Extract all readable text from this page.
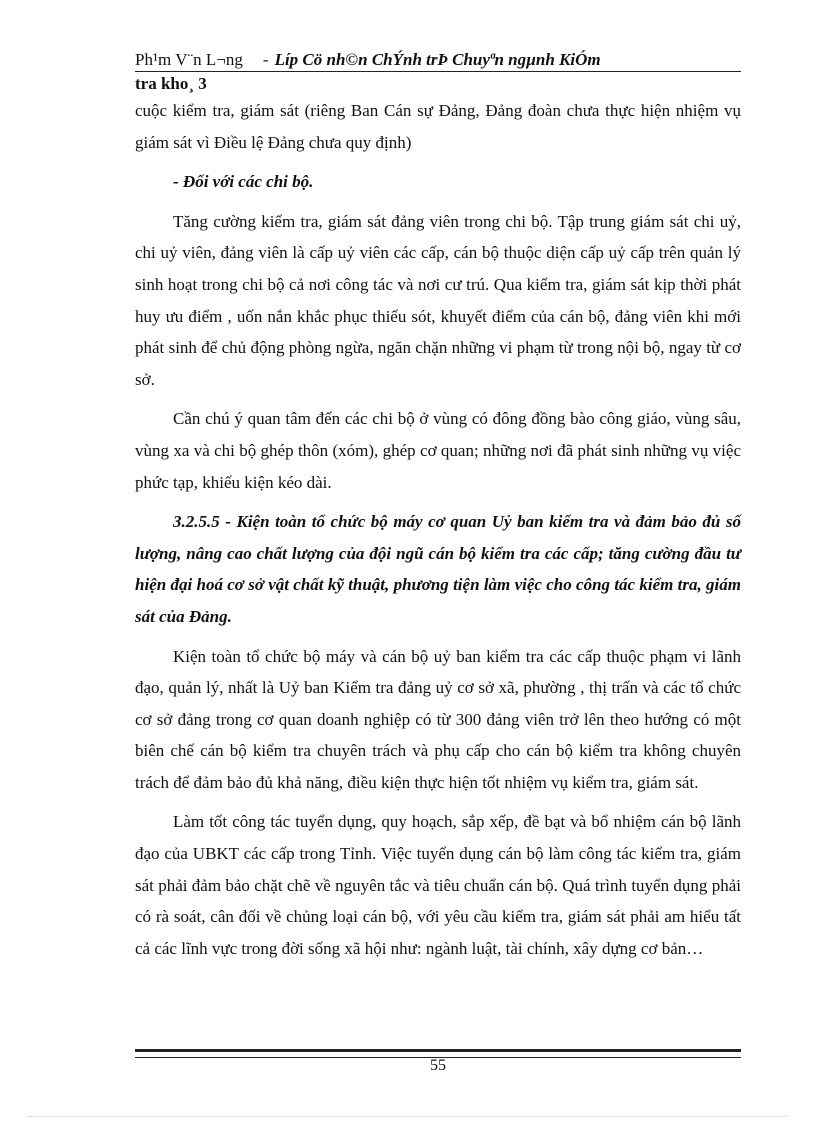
Ph¹m V¨n L¬ng - Líp Cö nh©n ChÝnh trÞ Chuyªn ngµnh KiÓm
tra kho¸ 3

cuộc kiểm tra, giám sát (riêng Ban Cán sự Đảng, Đảng đoàn chưa thực hiện nhiệm vụ giám sát vì Điều lệ Đảng chưa quy định)

- Đối với các chi bộ.

Tăng cường kiểm tra, giám sát đảng viên trong chi bộ. Tập trung giám sát chi uỷ, chi uỷ viên, đảng viên là cấp uỷ viên các cấp, cán bộ thuộc diện cấp uỷ cấp trên quản lý sinh hoạt trong chi bộ cả nơi công tác và nơi cư trú. Qua kiểm tra, giám sát kịp thời phát huy ưu điểm , uốn nắn khắc phục thiếu sót, khuyết điểm của cán bộ, đảng viên khi mới phát sinh để chủ động phòng ngừa, ngăn chặn những vi phạm từ trong nội bộ, ngay từ cơ sở.

Cần chú ý quan tâm đến các chi bộ ở vùng có đông đồng bào công giáo, vùng sâu, vùng xa và chi bộ ghép thôn (xóm), ghép cơ quan; những nơi đã phát sinh những vụ việc phức tạp, khiếu kiện kéo dài.

3.2.5.5 - Kiện toàn tổ chức bộ máy cơ quan Uỷ ban kiểm tra và đảm bảo đủ số lượng, nâng cao chất lượng của đội ngũ cán bộ kiểm tra các cấp; tăng cường đầu tư hiện đại hoá cơ sở vật chất kỹ thuật, phương tiện làm việc cho công tác kiểm tra, giám sát của Đảng.

Kiện toàn tổ chức bộ máy và cán bộ uỷ ban kiểm tra các cấp thuộc phạm vi lãnh đạo, quản lý, nhất là Uỷ ban Kiểm tra đảng uỷ cơ sở xã, phường , thị trấn và các tổ chức cơ sở đảng trong cơ quan doanh nghiệp có từ 300 đảng viên trở lên theo hướng có một biên chế cán bộ kiểm tra chuyên trách và phụ cấp cho cán bộ kiểm tra không chuyên trách để đảm bảo đủ khả năng, điều kiện thực hiện tốt nhiệm vụ kiểm tra, giám sát.

Làm tốt công tác tuyển dụng, quy hoạch, sắp xếp, đề bạt và bổ nhiệm cán bộ lãnh đạo của UBKT các cấp trong Tỉnh. Việc tuyển dụng cán bộ làm công tác kiểm tra, giám sát phải đảm bảo chặt chẽ về nguyên tắc và tiêu chuẩn cán bộ. Quá trình tuyển dụng phải có rà soát, cân đối về chủng loại cán bộ, với yêu cầu kiểm tra, giám sát phải am hiểu tất cả các lĩnh vực trong đời sống xã hội như: ngành luật, tài chính, xây dựng cơ bản…

55
